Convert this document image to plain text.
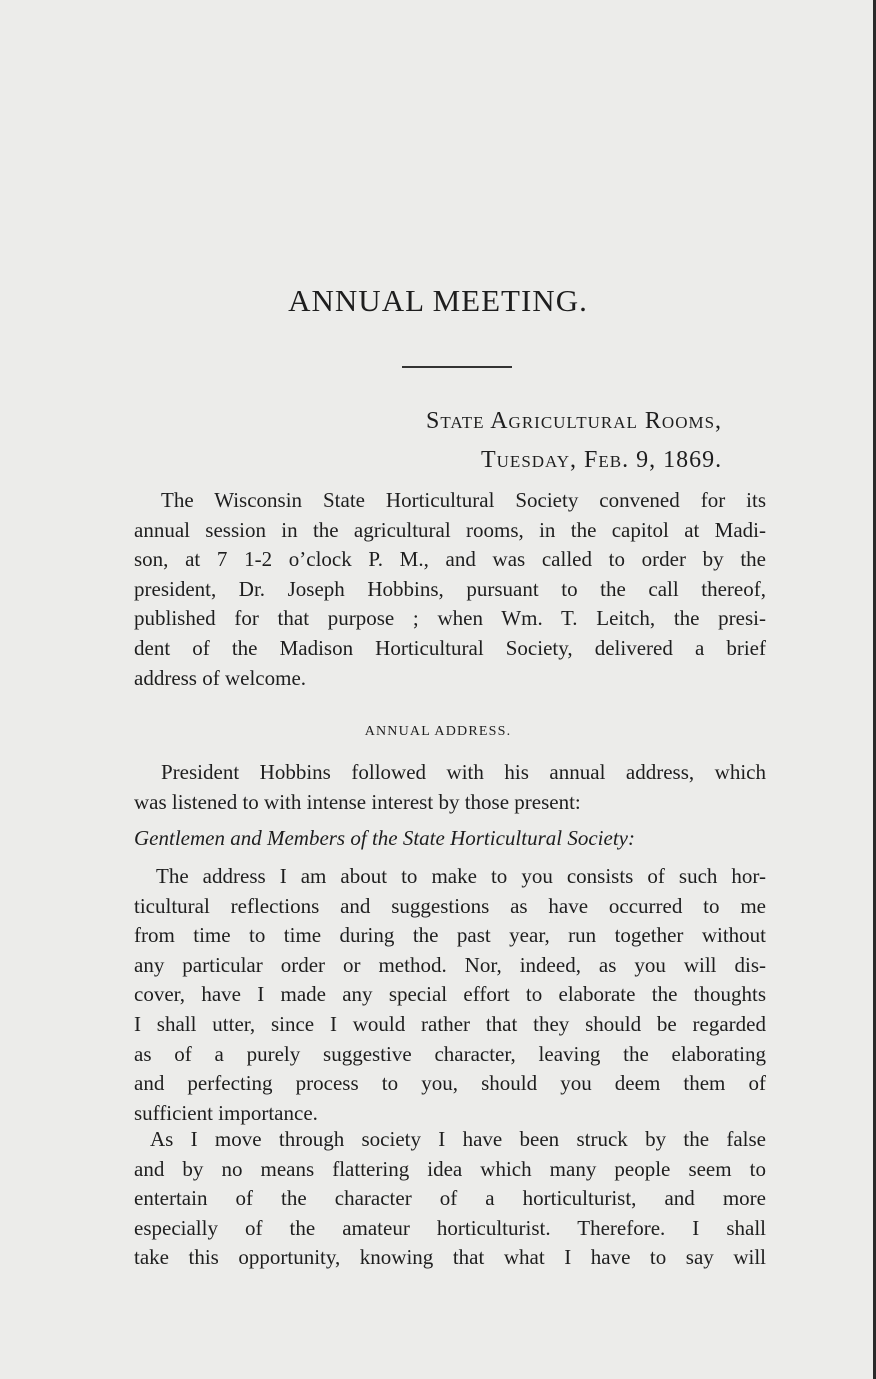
ANNUAL MEETING.
State Agricultural Rooms,
Tuesday, Feb. 9, 1869.
The Wisconsin State Horticultural Society convened for its
annual session in the agricultural rooms, in the capitol at Madi-
son, at 7 1-2 o’clock P. M., and was called to order by the
president, Dr. Joseph Hobbins, pursuant to the call thereof,
published for that purpose ; when Wm. T. Leitch, the presi-
dent of the Madison Horticultural Society, delivered a brief
address of welcome.
ANNUAL ADDRESS.
President Hobbins followed with his annual address, which
was listened to with intense interest by those present:
Gentlemen and Members of the State Horticultural Society:
The address I am about to make to you consists of such hor-
ticultural reflections and suggestions as have occurred to me
from time to time during the past year, run together without
any particular order or method. Nor, indeed, as you will dis-
cover, have I made any special effort to elaborate the thoughts
I shall utter, since I would rather that they should be regarded
as of a purely suggestive character, leaving the elaborating
and perfecting process to you, should you deem them of
sufficient importance.
As I move through society I have been struck by the false
and by no means flattering idea which many people seem to
entertain of the character of a horticulturist, and more
especially of the amateur horticulturist. Therefore. I shall
take this opportunity, knowing that what I have to say will
